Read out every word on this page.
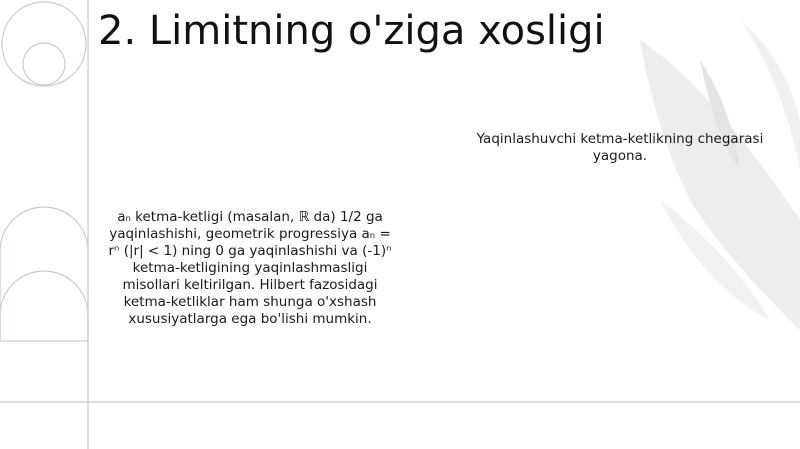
2. Limitning o'ziga xosligi
Yaqinlashuvchi ketma-ketlikning chegarasi yagona.
aₙ ketma-ketligi (masalan, ℝ da) 1/2 ga yaqinlashishi, geometrik progressiya aₙ = rⁿ (|r| < 1) ning 0 ga yaqinlashishi va (-1)ⁿ ketma-ketligining yaqinlashmasligi misollari keltirilgan. Hilbert fazosidagi ketma-ketliklar ham shunga o'xshash xususiyatlarga ega bo'lishi mumkin.
